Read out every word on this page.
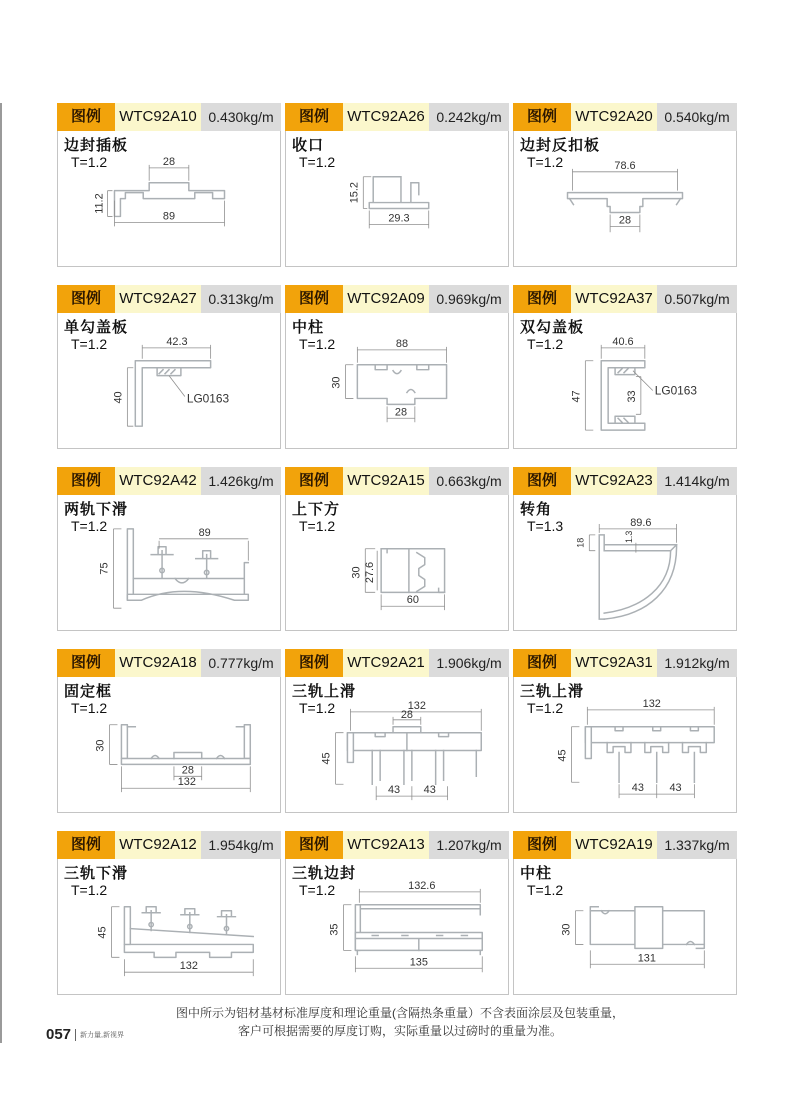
图例	WTC92A10 0.430kg/m
边封插板
T=1.2	28
89
11.2
图例	WTC92A26 0.242kg/m
收口
T=1.2
15.2
29.3
图例	WTC92A20 0.540kg/m
边封反扣板
T=1.2	78.6
28
图例	WTC92A27 0.313kg/m
单勾盖板
T=1.2	42.3
40	LG0163
图例	WTC92A09 0.969kg/m
中柱
T=1.2	88
30
28
图例	WTC92A37 0.507kg/m
双勾盖板
T=1.2	40.6
47	33 LG0163
图例	WTC92A42 1.426kg/m
两轨下滑
T=1.2	89
75
图例	WTC92A15 0.663kg/m
上下方
T=1.2
30 27.6
60
图例	WTC92A23 1.414kg/m
转角
T=1.3	89.6
18	1.3
图例	WTC92A18 0.777kg/m
固定框
T=1.2
30
28
132
图例	WTC92A21 1.906kg/m
三轨上滑
T=1.2	132
28
45
43 43
图例	WTC92A31 1.912kg/m
三轨上滑
T=1.2	132
45
43 43
图例	WTC92A12 1.954kg/m
三轨下滑
T=1.2
45
132
图例	WTC92A13 1.207kg/m
三轨边封
T=1.2	132.6
35
135
图例	WTC92A19 1.337kg/m
中柱
T=1.2
30
131
图中所示为铝材基材标准厚度和理论重量(含隔热条重量）不含表面涂层及包装重量，
客户可根据需要的厚度订购，实际重量以过磅时的重量为准。
057 新力量,新视界
